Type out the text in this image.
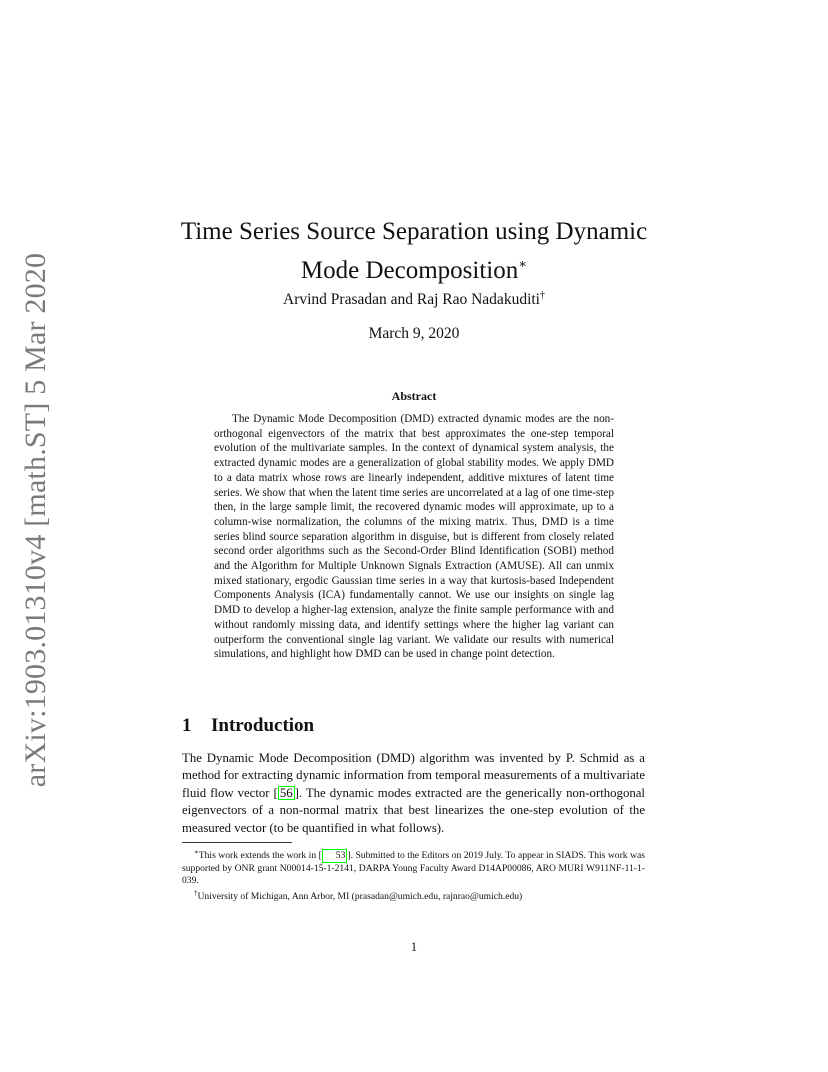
arXiv:1903.01310v4 [math.ST] 5 Mar 2020
Time Series Source Separation using Dynamic
Mode Decomposition∗
Arvind Prasadan and Raj Rao Nadakuditi†
March 9, 2020
Abstract

The Dynamic Mode Decomposition (DMD) extracted dynamic modes are the non-orthogonal eigenvectors of the matrix that best approximates the one-step temporal evolution of the multivariate samples. In the context of dynamical system analysis, the extracted dynamic modes are a generalization of global stability modes. We apply DMD to a data matrix whose rows are linearly independent, additive mixtures of latent time series. We show that when the latent time series are uncorrelated at a lag of one time-step then, in the large sample limit, the recovered dynamic modes will approximate, up to a column-wise normalization, the columns of the mixing matrix. Thus, DMD is a time series blind source separation algorithm in disguise, but is different from closely related second order algorithms such as the Second-Order Blind Identification (SOBI) method and the Algorithm for Multiple Unknown Signals Extraction (AMUSE). All can unmix mixed stationary, ergodic Gaussian time series in a way that kurtosis-based Independent Components Analysis (ICA) fundamentally cannot. We use our insights on single lag DMD to develop a higher-lag extension, analyze the finite sample performance with and without randomly missing data, and identify settings where the higher lag variant can outperform the conventional single lag variant. We validate our results with numerical simulations, and highlight how DMD can be used in change point detection.

1 Introduction

The Dynamic Mode Decomposition (DMD) algorithm was invented by P. Schmid as a method for extracting dynamic information from temporal measurements of a multivariate fluid flow vector [ 56 ]. The dynamic modes extracted are the generically non-orthogonal eigenvectors of a non-normal matrix that best linearizes the one-step evolution of the measured vector (to be quantified in what follows).

∗This work extends the work in [ 53 ]. Submitted to the Editors on 2019 July. To appear in SIADS. This work was supported by ONR grant N00014-15-1-2141, DARPA Young Faculty Award D14AP00086, ARO MURI W911NF-11-1-039.

†University of Michigan, Ann Arbor, MI (prasadan@umich.edu, rajnrao@umich.edu)

1
